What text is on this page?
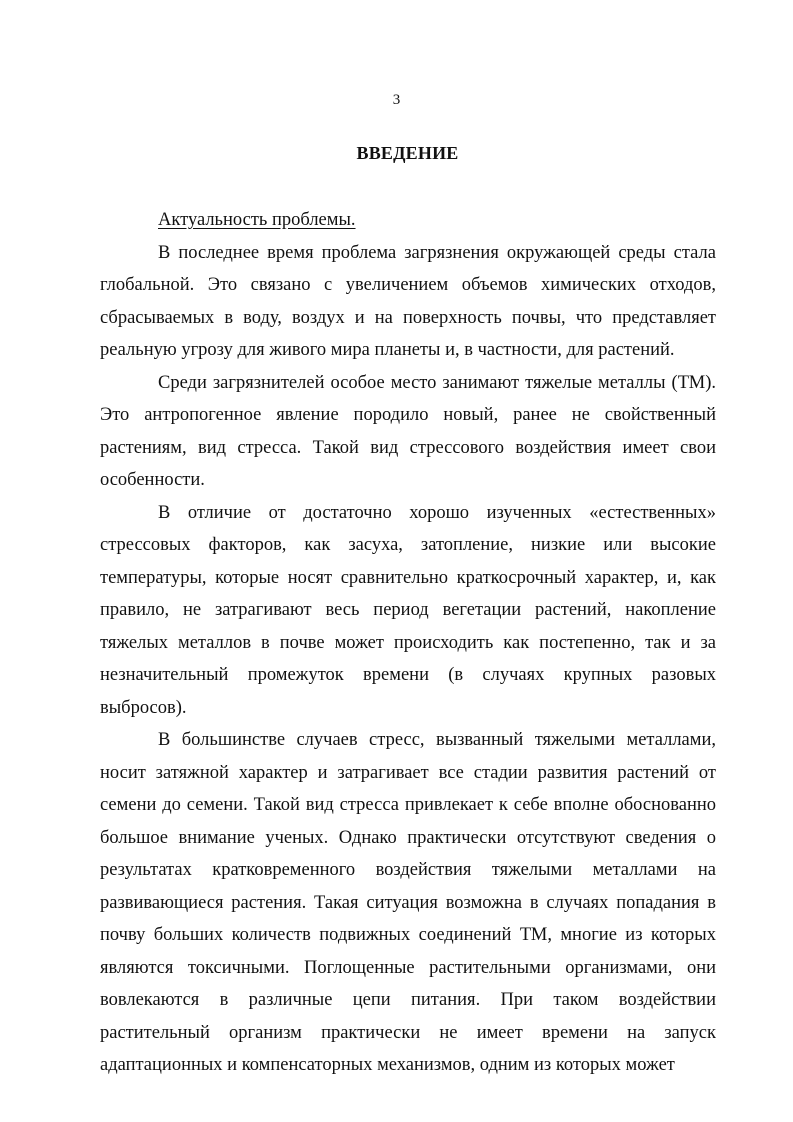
3
ВВЕДЕНИЕ

Актуальность проблемы.

В последнее время проблема загрязнения окружающей среды стала глобальной. Это связано с увеличением объемов химических отходов, сбрасываемых в воду, воздух и на поверхность почвы, что представляет реальную угрозу для живого мира планеты и, в частности, для растений.

Среди загрязнителей особое место занимают тяжелые металлы (ТМ). Это антропогенное явление породило новый, ранее не свойственный растениям, вид стресса. Такой вид стрессового воздействия имеет свои особенности.

В отличие от достаточно хорошо изученных «естественных» стрессовых факторов, как засуха, затопление, низкие или высокие температуры, которые носят сравнительно краткосрочный характер, и, как правило, не затрагивают весь период вегетации растений, накопление тяжелых металлов в почве может происходить как постепенно, так и за незначительный промежуток времени (в случаях крупных разовых выбросов).

В большинстве случаев стресс, вызванный тяжелыми металлами, носит затяжной характер и затрагивает все стадии развития растений от семени до семени. Такой вид стресса привлекает к себе вполне обоснованно большое внимание ученых. Однако практически отсутствуют сведения о результатах кратковременного воздействия тяжелыми металлами на развивающиеся растения. Такая ситуация возможна в случаях попадания в почву больших количеств подвижных соединений ТМ, многие из которых являются токсичными. Поглощенные растительными организмами, они вовлекаются в различные цепи питания. При таком воздействии растительный организм практически не имеет времени на запуск адаптационных и компенсаторных механизмов, одним из которых может
